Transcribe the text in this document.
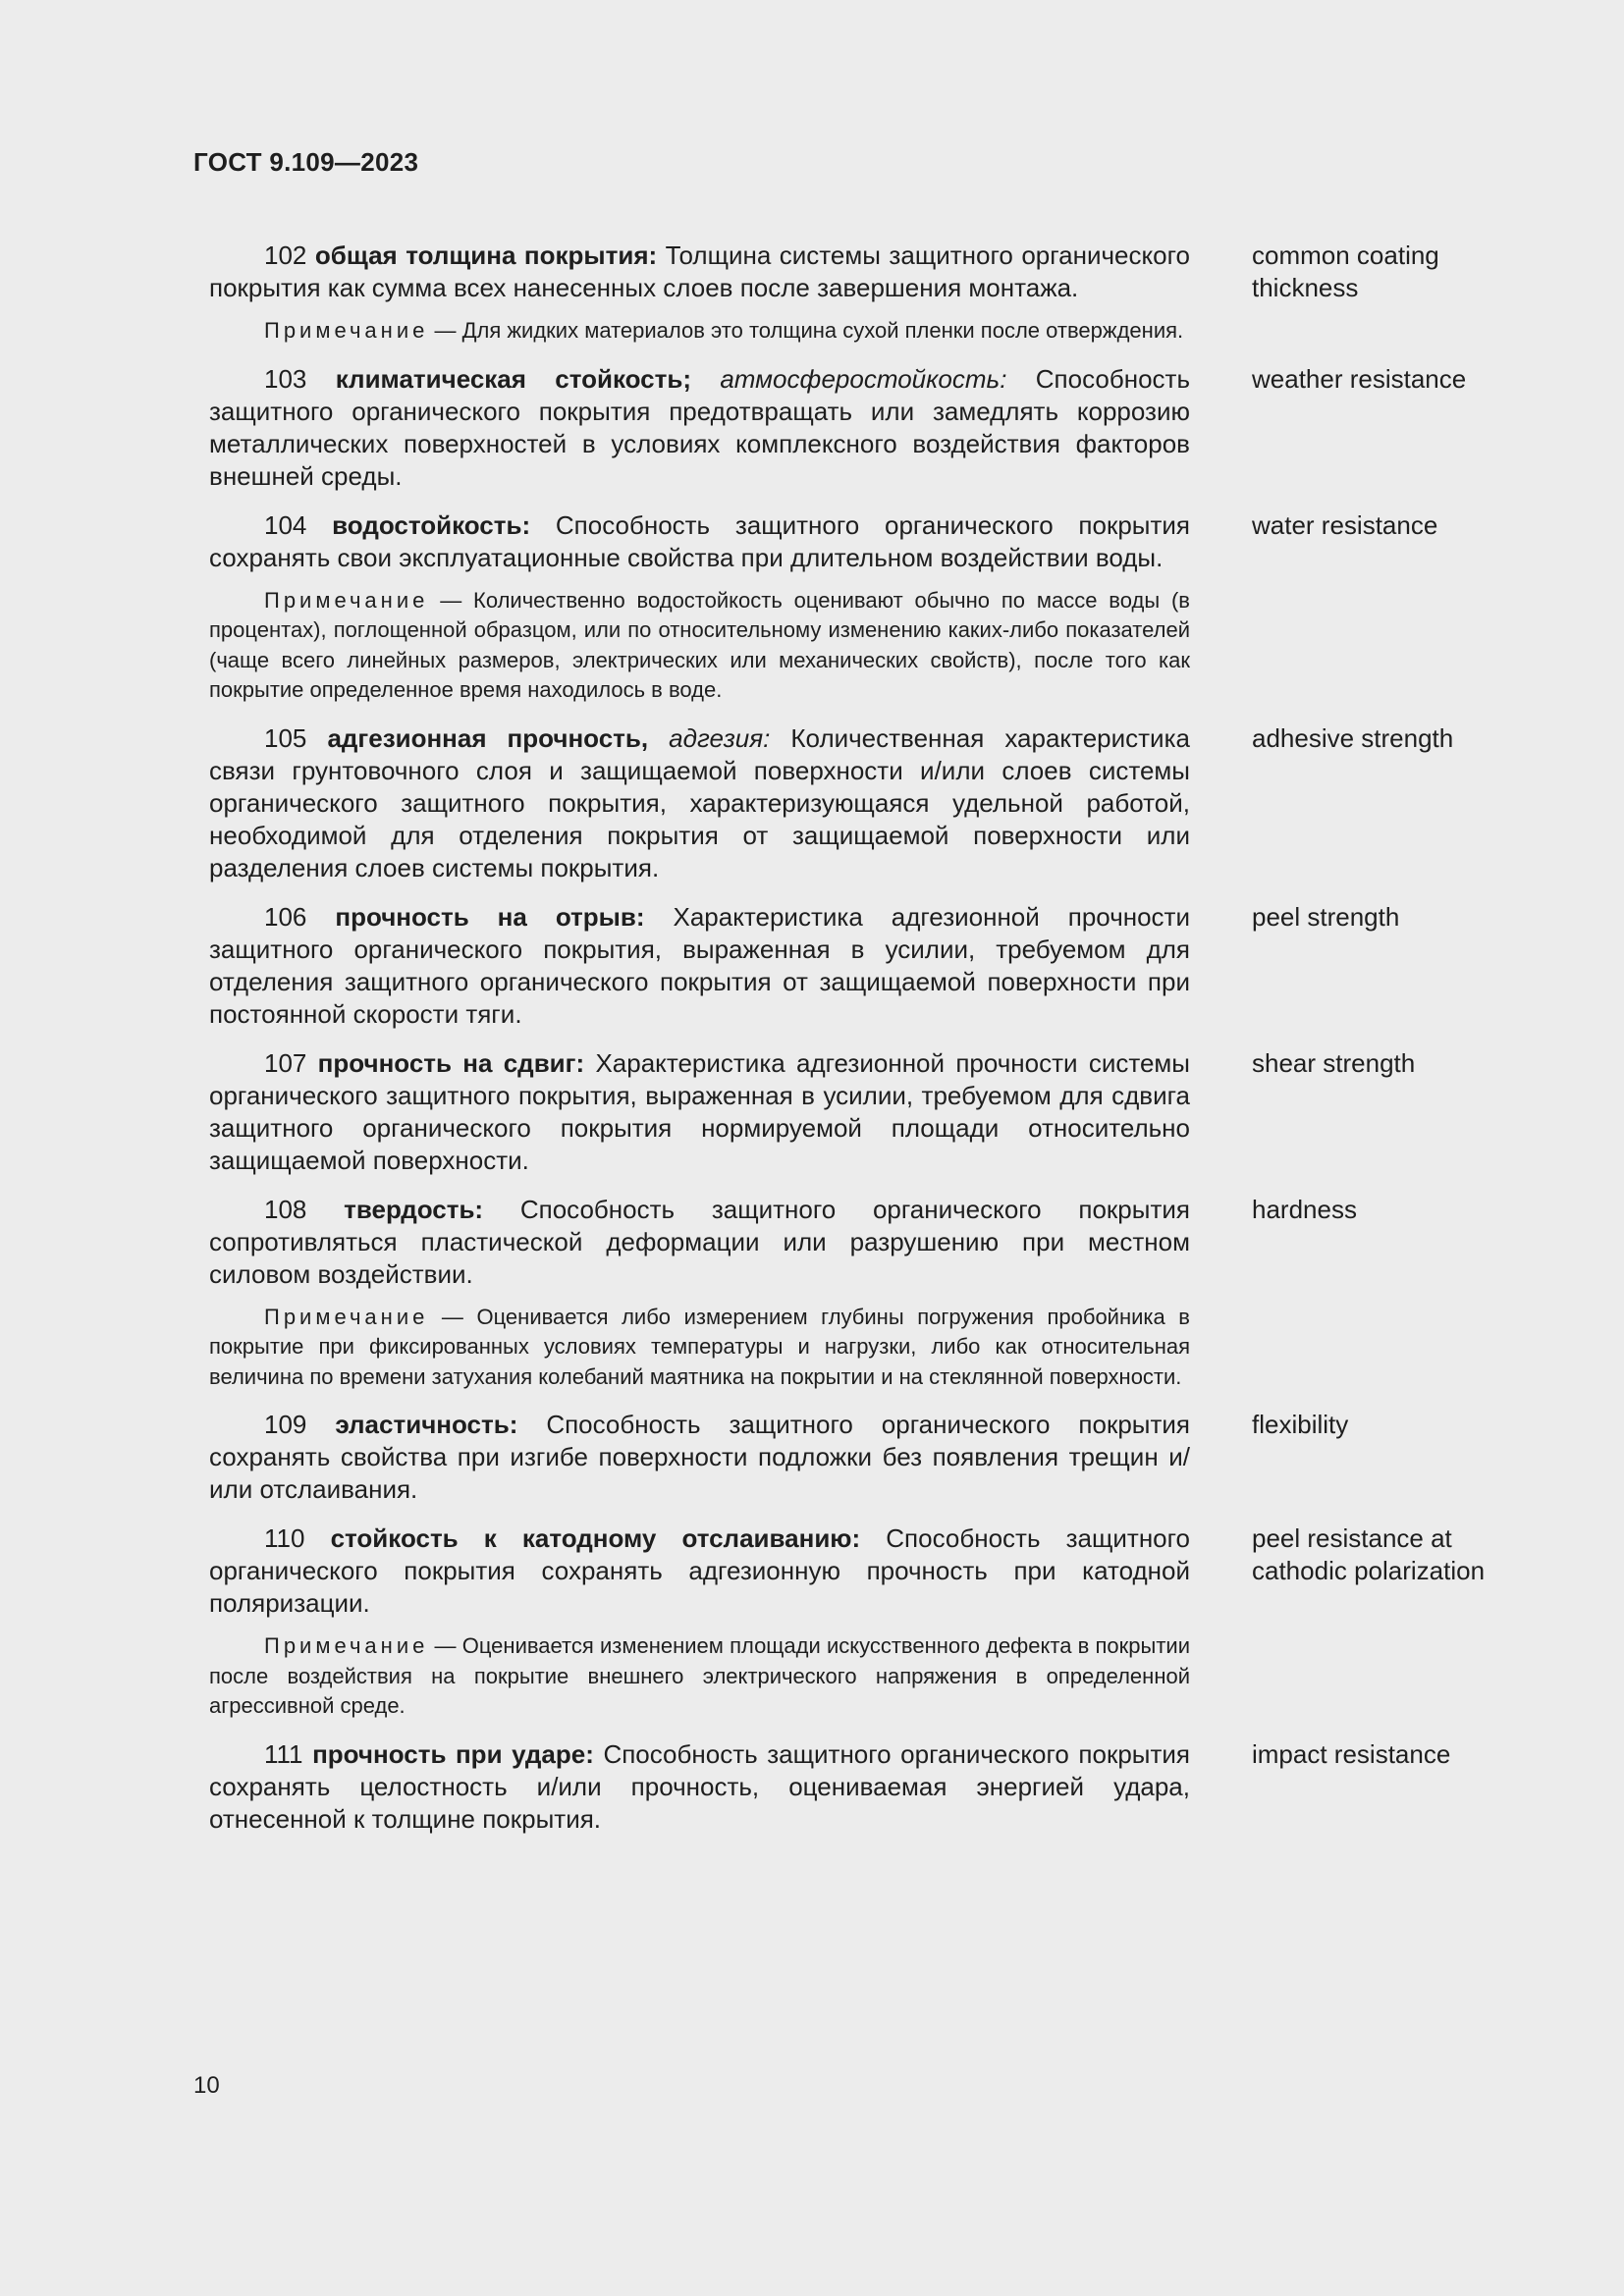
ГОСТ 9.109—2023

102 общая толщина покрытия: Толщина системы защитного органического покрытия как сумма всех нанесенных слоев после завершения монтажа.

Примечание — Для жидких материалов это толщина сухой пленки после отверждения.

common coating thickness

103 климатическая стойкость; атмосферостойкость: Способность защитного органического покрытия предотвращать или замедлять коррозию металлических поверхностей в условиях комплексного воздействия факторов внешней среды.

weather resistance

104 водостойкость: Способность защитного органического покрытия сохранять свои эксплуатационные свойства при длительном воздействии воды.

Примечание — Количественно водостойкость оценивают обычно по массе воды (в процентах), поглощенной образцом, или по относительному изменению каких-либо показателей (чаще всего линейных размеров, электрических или механических свойств), после того как покрытие определенное время находилось в воде.

water resistance

105 адгезионная прочность, адгезия: Количественная характеристика связи грунтовочного слоя и защищаемой поверхности и/или слоев системы органического защитного покрытия, характеризующаяся удельной работой, необходимой для отделения покрытия от защищаемой поверхности или разделения слоев системы покрытия.

adhesive strength

106 прочность на отрыв: Характеристика адгезионной прочности защитного органического покрытия, выраженная в усилии, требуемом для отделения защитного органического покрытия от защищаемой поверхности при постоянной скорости тяги.

peel strength

107 прочность на сдвиг: Характеристика адгезионной прочности системы органического защитного покрытия, выраженная в усилии, требуемом для сдвига защитного органического покрытия нормируемой площади относительно защищаемой поверхности.

shear strength

108 твердость: Способность защитного органического покрытия сопротивляться пластической деформации или разрушению при местном силовом воздействии.

Примечание — Оценивается либо измерением глубины погружения пробойника в покрытие при фиксированных условиях температуры и нагрузки, либо как относительная величина по времени затухания колебаний маятника на покрытии и на стеклянной поверхности.

hardness

109 эластичность: Способность защитного органического покрытия сохранять свойства при изгибе поверхности подложки без появления трещин и/или отслаивания.

flexibility

110 стойкость к катодному отслаиванию: Способность защитного органического покрытия сохранять адгезионную прочность при катодной поляризации.

Примечание — Оценивается изменением площади искусственного дефекта в покрытии после воздействия на покрытие внешнего электрического напряжения в определенной агрессивной среде.

peel resistance at cathodic polarization

111 прочность при ударе: Способность защитного органического покрытия сохранять целостность и/или прочность, оцениваемая энергией удара, отнесенной к толщине покрытия.

impact resistance
10
